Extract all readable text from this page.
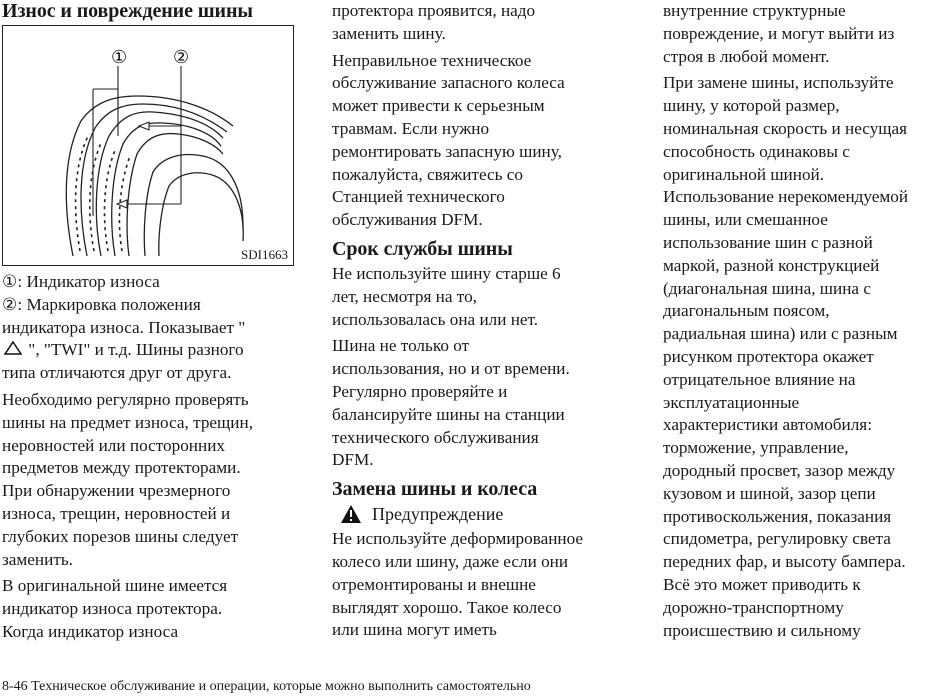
Износ и повреждение шины
①	②
SDI1663

①: Индикатор износа

②: Маркировка положения

индикатора износа. Показывает "

", "TWI" и т.д. Шины разного

типа отличаются друг от друга.

Необходимо регулярно проверять

шины на предмет износа, трещин,

неровностей или посторонних

предметов между протекторами.

При обнаружении чрезмерного

износа, трещин, неровностей и

глубоких порезов шины следует

заменить.

В оригинальной шине имеется

индикатор износа протектора.

Когда индикатор износа

протектора проявится, надо

заменить шину.

Неправильное техническое

обслуживание запасного колеса

может привести к серьезным

травмам. Если нужно

ремонтировать запасную шину,

пожалуйста, свяжитесь со

Станцией технического

обслуживания DFM.

Срок службы шины

Не используйте шину старше 6

лет, несмотря на то,

использовалась она или нет.

Шина не только от

использования, но и от времени.

Регулярно проверяйте и

балансируйте шины на станции

технического обслуживания

DFM.

Замена шины и колеса
Предупреждение

Не используйте деформированное

колесо или шину, даже если они

отремонтированы и внешне

выглядят хорошо. Такое колесо

или шина могут иметь

внутренние структурные

повреждение, и могут выйти из

строя в любой момент.

При замене шины, используйте

шину, у которой размер,

номинальная скорость и несущая

способность одинаковы с

оригинальной шиной.

Использование нерекомендуемой

шины, или смешанное

использование шин с разной

маркой, разной конструкцией

(диагональная шина, шина с

диагональным поясом,

радиальная шина) или с разным

рисунком протектора окажет

отрицательное влияние на

эксплуатационные

характеристики автомобиля:

торможение, управление,

дородный просвет, зазор между

кузовом и шиной, зазор цепи

противоскольжения, показания

спидометра, регулировку света

передних фар, и высоту бампера.

Всё это может приводить к

дорожно-транспортному

происшествию и сильному

8-46 Техническое обслуживание и операции, которые можно выполнить самостоятельно
